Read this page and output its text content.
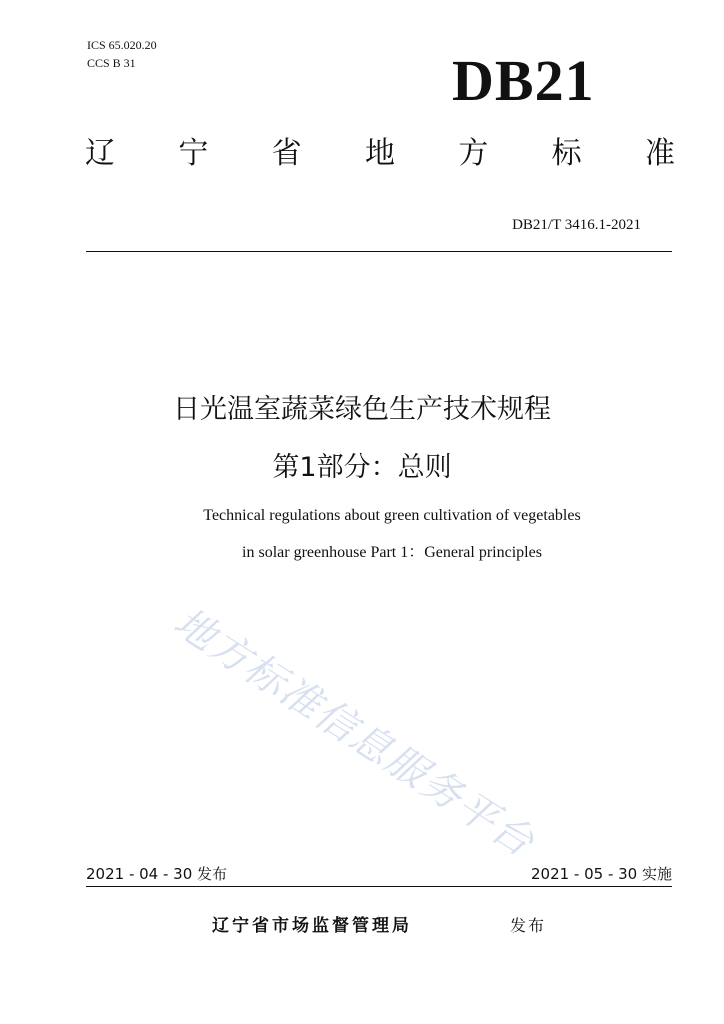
ICS 65.020.20
CCS B 31	DB21
辽 宁 省 地 方 标 准
DB21/T 3416.1-2021
日光温室蔬菜绿色生产技术规程
第1部分：总则
Technical regulations about green cultivation of vegetables
in solar greenhouse Part 1：General principles
地方标准信息服务平台
2021 - 04 - 30 发布	2021 - 05 - 30 实施
辽宁省市场监督管理局	发布
